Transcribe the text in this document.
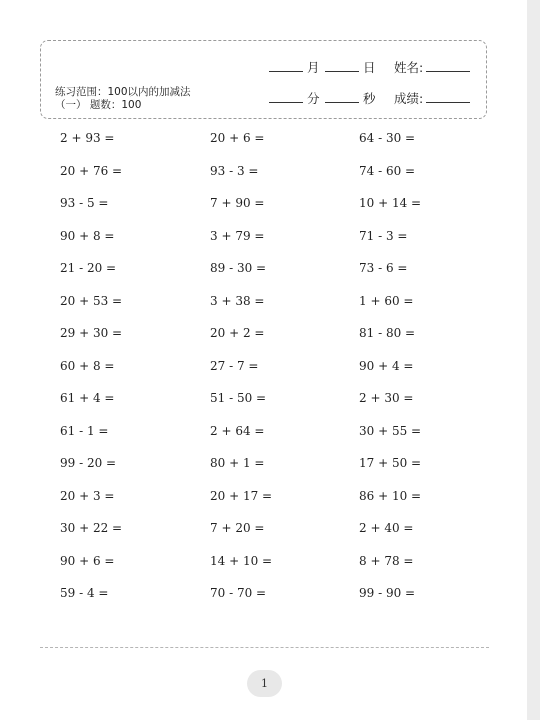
练习范围：100以内的加减法
（一） 题数：100
月	日 姓名:
分	秒 成绩:
2 + 93 =	20 + 6 =	64 - 30 =
20 + 76 =	93 - 3 =	74 - 60 =
93 - 5 =	7 + 90 =	10 + 14 =
90 + 8 =	3 + 79 =	71 - 3 =
21 - 20 =	89 - 30 =	73 - 6 =
20 + 53 =	3 + 38 =	1 + 60 =
29 + 30 =	20 + 2 =	81 - 80 =
60 + 8 =	27 - 7 =	90 + 4 =
61 + 4 =	51 - 50 =	2 + 30 =
61 - 1 =	2 + 64 =	30 + 55 =
99 - 20 =	80 + 1 =	17 + 50 =
20 + 3 =	20 + 17 =	86 + 10 =
30 + 22 =	7 + 20 =	2 + 40 =
90 + 6 =	14 + 10 =	8 + 78 =
59 - 4 =	70 - 70 =	99 - 90 =
1
